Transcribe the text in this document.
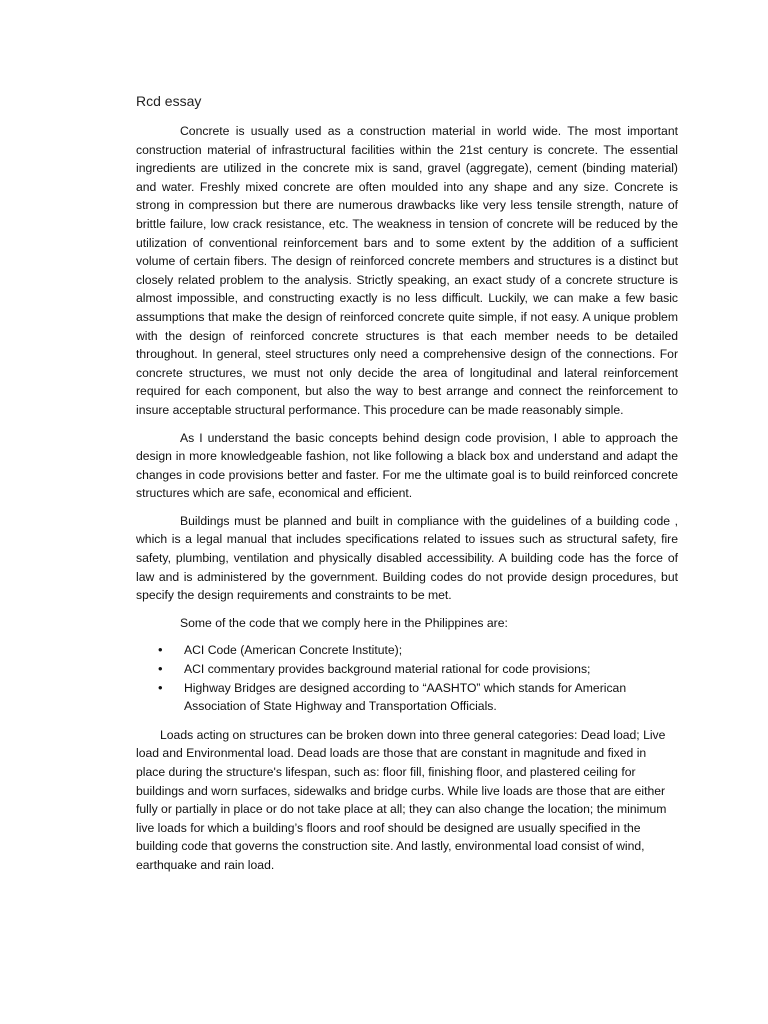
Rcd essay

Concrete is usually used as a construction material in world wide. The most important construction material of infrastructural facilities within the 21st century is concrete. The essential ingredients are utilized in the concrete mix is sand, gravel (aggregate), cement (binding material) and water. Freshly mixed concrete are often moulded into any shape and any size. Concrete is strong in compression but there are numerous drawbacks like very less tensile strength, nature of brittle failure, low crack resistance, etc. The weakness in tension of concrete will be reduced by the utilization of conventional reinforcement bars and to some extent by the addition of a sufficient volume of certain fibers. The design of reinforced concrete members and structures is a distinct but closely related problem to the analysis. Strictly speaking, an exact study of a concrete structure is almost impossible, and constructing exactly is no less difficult. Luckily, we can make a few basic assumptions that make the design of reinforced concrete quite simple, if not easy. A unique problem with the design of reinforced concrete structures is that each member needs to be detailed throughout. In general, steel structures only need a comprehensive design of the connections. For concrete structures, we must not only decide the area of longitudinal and lateral reinforcement required for each component, but also the way to best arrange and connect the reinforcement to insure acceptable structural performance. This procedure can be made reasonably simple.

As I understand the basic concepts behind design code provision, I able to approach the design in more knowledgeable fashion, not like following a black box and understand and adapt the changes in code provisions better and faster. For me the ultimate goal is to build reinforced concrete structures which are safe, economical and efficient.

Buildings must be planned and built in compliance with the guidelines of a building code , which is a legal manual that includes specifications related to issues such as structural safety, fire safety, plumbing, ventilation and physically disabled accessibility. A building code has the force of law and is administered by the government. Building codes do not provide design procedures, but specify the design requirements and constraints to be met.

Some of the code that we comply here in the Philippines are:

•	ACI Code (American Concrete Institute);
•	ACI commentary provides background material rational for code provisions;
•	Highway Bridges are designed according to “AASHTO” which stands for American Association of State Highway and Transportation Officials.

Loads acting on structures can be broken down into three general categories: Dead load; Live load and Environmental load. Dead loads are those that are constant in magnitude and fixed in place during the structure's lifespan, such as: floor fill, finishing floor, and plastered ceiling for buildings and worn surfaces, sidewalks and bridge curbs. While live loads are those that are either fully or partially in place or do not take place at all; they can also change the location; the minimum live loads for which a building’s floors and roof should be designed are usually specified in the building code that governs the construction site. And lastly, environmental load consist of wind, earthquake and rain load.
